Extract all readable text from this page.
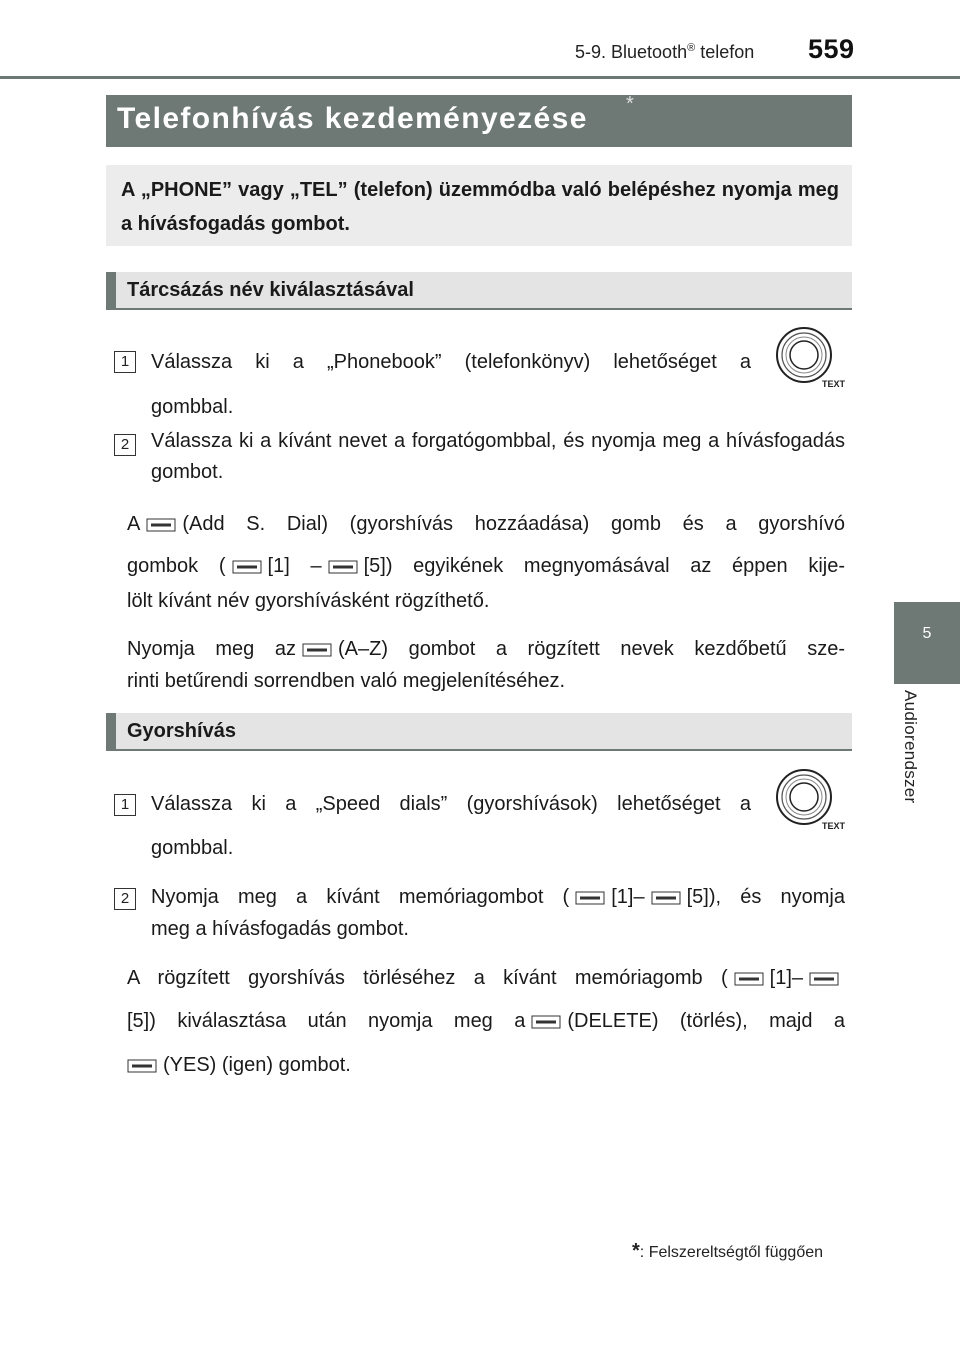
5-9. Bluetooth® telefon 559
5
Audiorendszer
Telefonhívás kezdeményezése *
A „PHONE” vagy „TEL” (telefon) üzemmódba való belépéshez nyomja meg a hívásfogadás gombot.
Tárcsázás név kiválasztásával
1	Válassza ki a „Phonebook” (telefonkönyv) lehetőséget a
TEXT
gombbal.
2	Válassza ki a kívánt nevet a forgatógombbal, és nyomja meg a hívásfogadás gombot.
A (Add S. Dial) (gyorshívás hozzáadása) gomb és a gyorshívó
gombok ( [1] – [5]) egyikének megnyomásával az éppen kije-
lölt kívánt név gyorshívásként rögzíthető.
Nyomja meg az (A–Z) gombot a rögzített nevek kezdőbetű sze-
rinti betűrendi sorrendben való megjelenítéséhez.
Gyorshívás
1	Válassza ki a „Speed dials” (gyorshívások) lehetőséget a
TEXT
gombbal.
2	Nyomja meg a kívánt memóriagombot ( [1]– [5]), és nyomja
meg a hívásfogadás gombot.
A rögzített gyorshívás törléséhez a kívánt memóriagomb ( [1]–
[5]) kiválasztása után nyomja meg a (DELETE) (törlés), majd a
(YES) (igen) gombot.
*: Felszereltségtől függően
